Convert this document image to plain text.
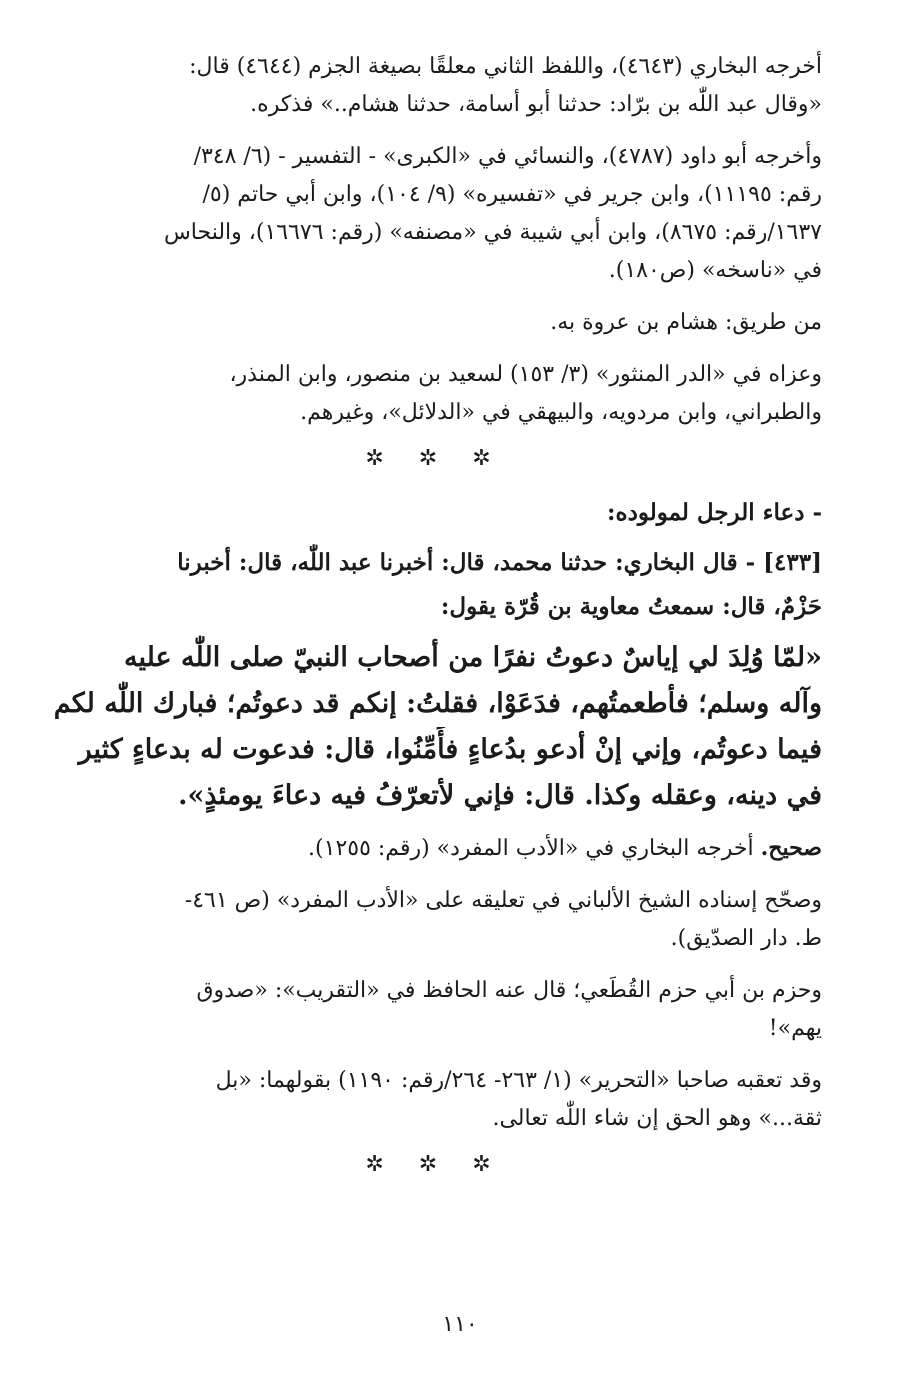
أخرجه البخاري (٤٦٤٣)، واللفظ الثاني معلقًا بصيغة الجزم (٤٦٤٤) قال:
«وقال عبد اللّٰه بن برّاد: حدثنا أبو أسامة، حدثنا هشام..» فذكره.
وأخرجه أبو داود (٤٧٨٧)، والنسائي في «الكبرى» - التفسير - (٦/ ٣٤٨/
رقم: ١١١٩٥)، وابن جرير في «تفسيره» (٩/ ١٠٤)، وابن أبي حاتم (٥/
١٦٣٧/رقم: ٨٦٧٥)، وابن أبي شيبة في «مصنفه» (رقم: ١٦٦٧٦)، والنحاس
في «ناسخه» (ص١٨٠).
من طريق: هشام بن عروة به.
وعزاه في «الدر المنثور» (٣/ ١٥٣) لسعيد بن منصور، وابن المنذر،
والطبراني، وابن مردويه، والبيهقي في «الدلائل»، وغيرهم.
✲ ✲ ✲
- دعاء الرجل لمولوده:
[٤٣٣] - قال البخاري: حدثنا محمد، قال: أخبرنا عبد اللّٰه، قال: أخبرنا
حَزْمٌ، قال: سمعتُ معاوية بن قُرّة يقول:
«لمّا وُلِدَ لي إياسٌ دعوتُ نفرًا من أصحاب النبيّ صلى اللّٰه عليه
وآله وسلم؛ فأطعمتُهم، فدَعَوْا، فقلتُ: إنكم قد دعوتُم؛ فبارك اللّٰه لكم
فيما دعوتُم، وإني إنْ أدعو بدُعاءٍ فأَمِّنُوا، قال: فدعوت له بدعاءٍ كثير
في دينه، وعقله وكذا. قال: فإني لأتعرّفُ فيه دعاءَ يومئذٍ».
صحيح. أخرجه البخاري في «الأدب المفرد» (رقم: ١٢٥٥).
وصحّح إسناده الشيخ الألباني في تعليقه على «الأدب المفرد» (ص ٤٦١-
ط. دار الصدّيق).
وحزم بن أبي حزم القُطَعي؛ قال عنه الحافظ في «التقريب»: «صدوق
يهم»!
وقد تعقبه صاحبا «التحرير» (١/ ٢٦٣- ٢٦٤/رقم: ١١٩٠) بقولهما: «بل
ثقة...» وهو الحق إن شاء اللّٰه تعالى.
✲ ✲ ✲
١١٠
